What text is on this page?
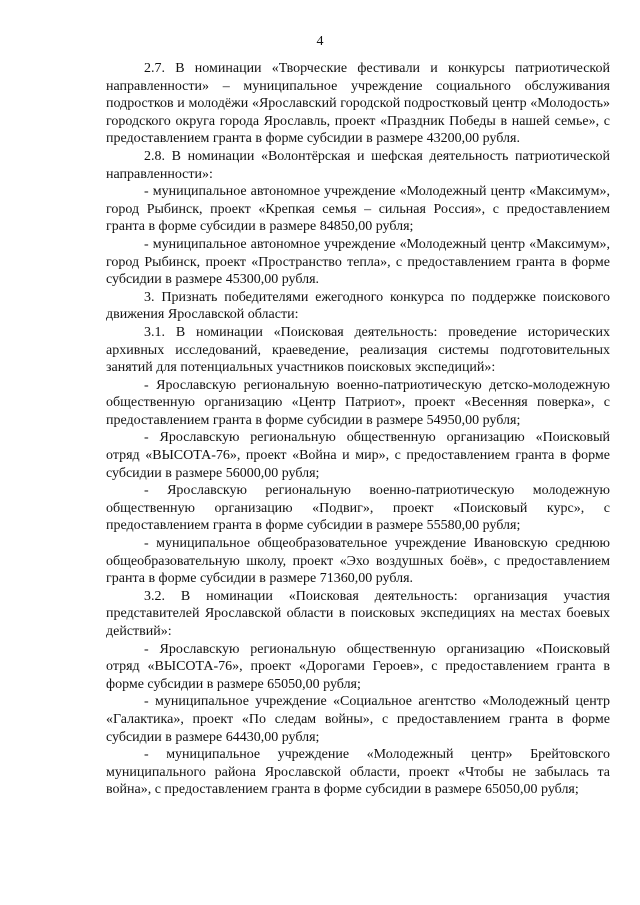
4

2.7. В номинации «Творческие фестивали и конкурсы патриотической направленности» – муниципальное учреждение социального обслуживания подростков и молодёжи «Ярославский городской подростковый центр «Молодость» городского округа города Ярославль, проект «Праздник Победы в нашей семье», с предоставлением гранта в форме субсидии в размере 43200,00 рубля.

2.8. В номинации «Волонтёрская и шефская деятельность патриотической направленности»:

- муниципальное автономное учреждение «Молодежный центр «Максимум», город Рыбинск, проект «Крепкая семья – сильная Россия», с предоставлением гранта в форме субсидии в размере 84850,00 рубля;

- муниципальное автономное учреждение «Молодежный центр «Максимум», город Рыбинск, проект «Пространство тепла», с предоставлением гранта в форме субсидии в размере 45300,00 рубля.

3. Признать победителями ежегодного конкурса по поддержке поискового движения Ярославской области:

3.1. В номинации «Поисковая деятельность: проведение исторических архивных исследований, краеведение, реализация системы подготовительных занятий для потенциальных участников поисковых экспедиций»:

- Ярославскую региональную военно-патриотическую детско-молодежную общественную организацию «Центр Патриот», проект «Весенняя поверка», с предоставлением гранта в форме субсидии в размере 54950,00 рубля;

- Ярославскую региональную общественную организацию «Поисковый отряд «ВЫСОТА-76», проект «Война и мир», с предоставлением гранта в форме субсидии в размере 56000,00 рубля;

- Ярославскую региональную военно-патриотическую молодежную общественную организацию «Подвиг», проект «Поисковый курс», с предоставлением гранта в форме субсидии в размере 55580,00 рубля;

- муниципальное общеобразовательное учреждение Ивановскую среднюю общеобразовательную школу, проект «Эхо воздушных боёв», с предоставлением гранта в форме субсидии в размере 71360,00 рубля.

3.2. В номинации «Поисковая деятельность: организация участия представителей Ярославской области в поисковых экспедициях на местах боевых действий»:

- Ярославскую региональную общественную организацию «Поисковый отряд «ВЫСОТА-76», проект «Дорогами Героев», с предоставлением гранта в форме субсидии в размере 65050,00 рубля;

- муниципальное учреждение «Социальное агентство «Молодежный центр «Галактика», проект «По следам войны», с предоставлением гранта в форме субсидии в размере 64430,00 рубля;

- муниципальное учреждение «Молодежный центр» Брейтовского муниципального района Ярославской области, проект «Чтобы не забылась та война», с предоставлением гранта в форме субсидии в размере 65050,00 рубля;
